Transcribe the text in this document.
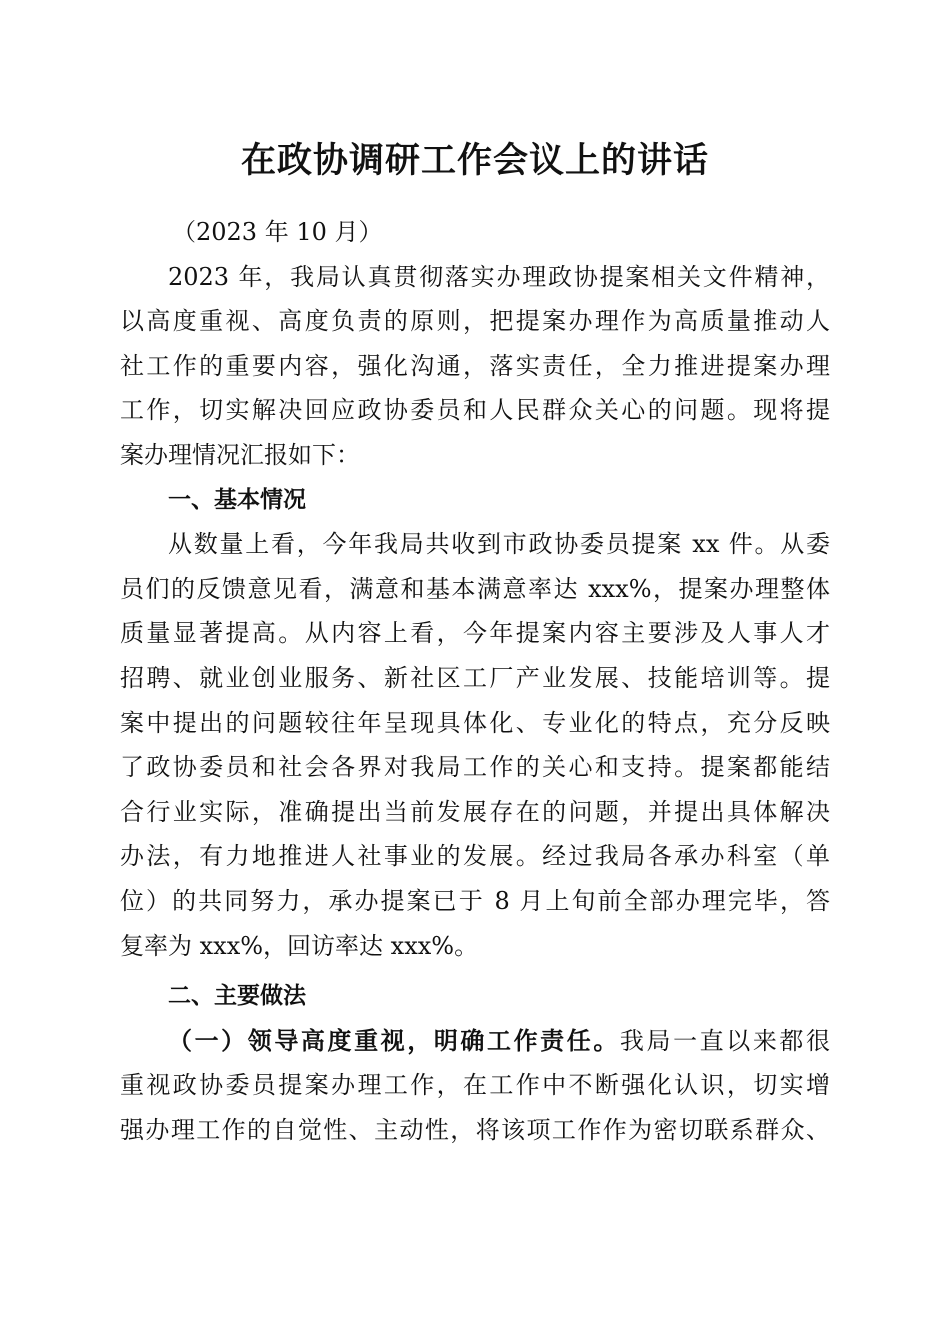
在政协调研工作会议上的讲话
（2023 年 10 月）
2023 年，我局认真贯彻落实办理政协提案相关文件精神，
以高度重视、高度负责的原则，把提案办理作为高质量推动人
社工作的重要内容，强化沟通，落实责任，全力推进提案办理
工作，切实解决回应政协委员和人民群众关心的问题。现将提
案办理情况汇报如下：
一、基本情况
从数量上看，今年我局共收到市政协委员提案 xx 件。从委
员们的反馈意见看，满意和基本满意率达 xxx%，提案办理整体
质量显著提高。从内容上看，今年提案内容主要涉及人事人才
招聘、就业创业服务、新社区工厂产业发展、技能培训等。提
案中提出的问题较往年呈现具体化、专业化的特点，充分反映
了政协委员和社会各界对我局工作的关心和支持。提案都能结
合行业实际，准确提出当前发展存在的问题，并提出具体解决
办法，有力地推进人社事业的发展。经过我局各承办科室（单
位）的共同努力，承办提案已于 8 月上旬前全部办理完毕，答
复率为 xxx%，回访率达 xxx%。
二、主要做法
（一）领导高度重视，明确工作责任。我局一直以来都很
重视政协委员提案办理工作，在工作中不断强化认识，切实增
强办理工作的自觉性、主动性，将该项工作作为密切联系群众、
